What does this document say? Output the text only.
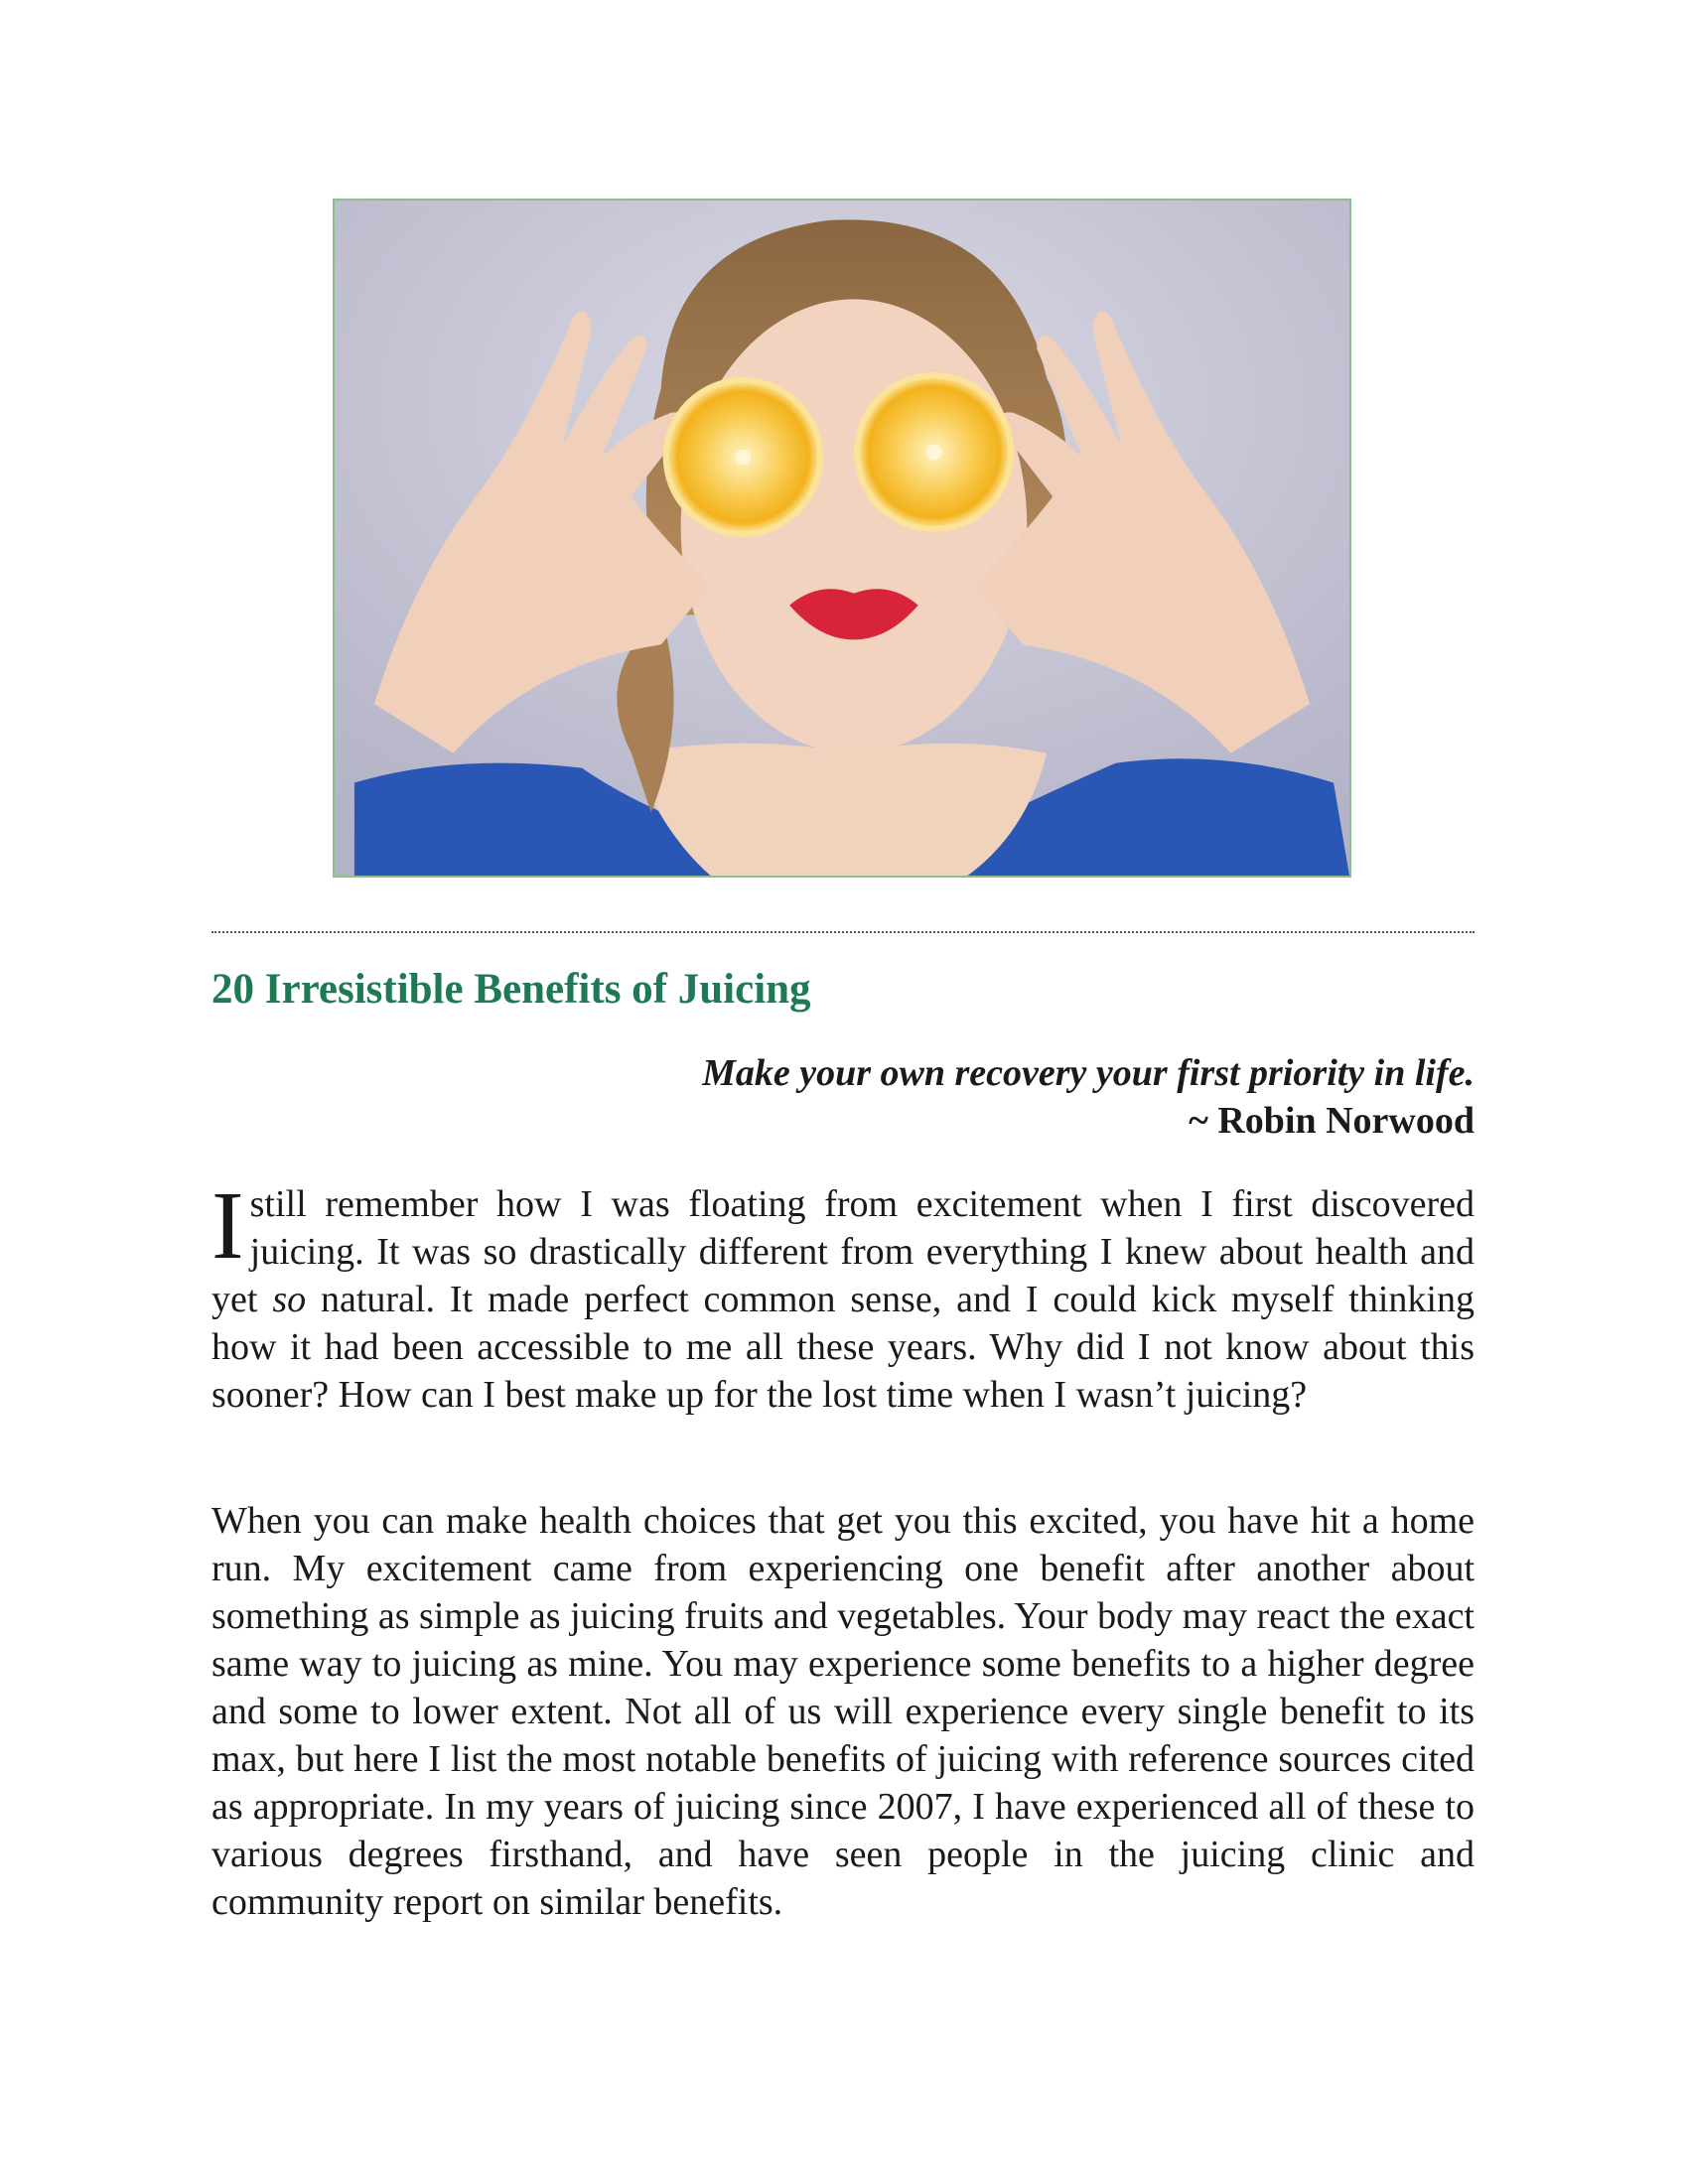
20 Irresistible Benefits of Juicing
Make your own recovery your first priority in life.
~ Robin Norwood

Istill remember how I was floating from excitement when I first discovered juicing. It was so drastically different from everything I knew about health and yet so natural. It made perfect common sense, and I could kick myself thinking how it had been accessible to me all these years. Why did I not know about this sooner? How can I best make up for the lost time when I wasn’t juicing?

When you can make health choices that get you this excited, you have hit a home run. My excitement came from experiencing one benefit after another about something as simple as juicing fruits and vegetables. Your body may react the exact same way to juicing as mine. You may experience some benefits to a higher degree and some to lower extent. Not all of us will experience every single benefit to its max, but here I list the most notable benefits of juicing with reference sources cited as appropriate. In my years of juicing since 2007, I have experienced all of these to various degrees firsthand, and have seen people in the juicing clinic and community report on similar benefits.
